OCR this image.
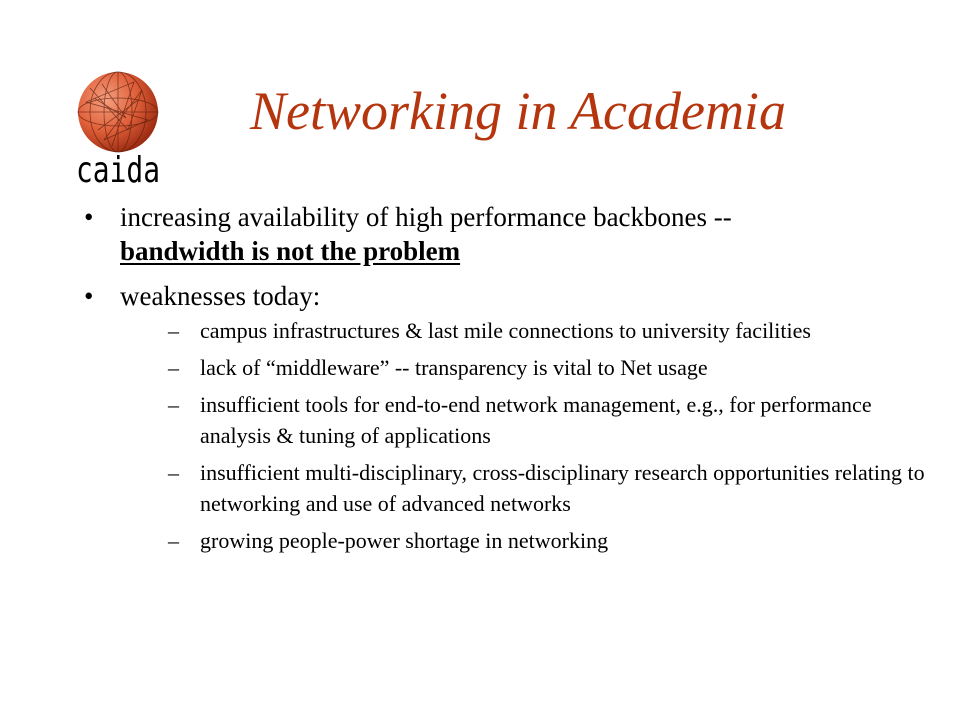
caida
Networking in Academia
• increasing availability of high performance backbones --
bandwidth is not the problem
• weaknesses today:
– campus infrastructures & last mile connections to university facilities
– lack of “middleware” -- transparency is vital to Net usage
– insufficient tools for end-to-end network management, e.g., for performance analysis & tuning of applications
– insufficient multi-disciplinary, cross-disciplinary research opportunities relating to networking and use of advanced networks
– growing people-power shortage in networking
